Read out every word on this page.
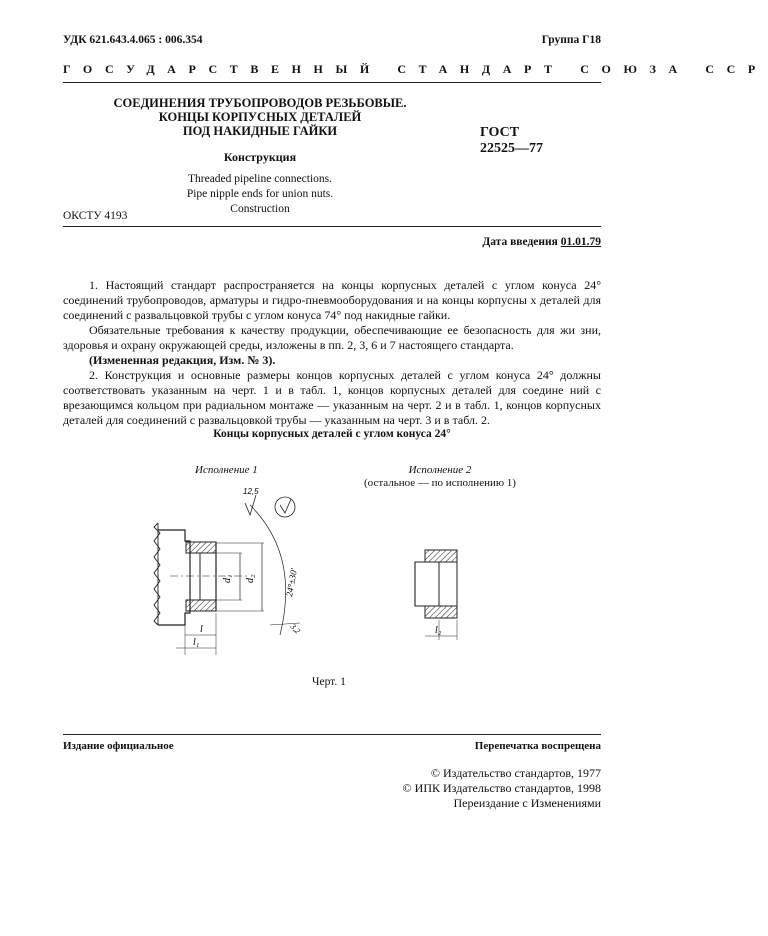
УДК 621.643.4.065 : 006.354	Группа Г18
ГОСУДАРСТВЕННЫЙ СТАНДАРТ СОЮЗА ССР
СОЕДИНЕНИЯ ТРУБОПРОВОДОВ РЕЗЬБОВЫЕ.
КОНЦЫ КОРПУСНЫХ ДЕТАЛЕЙ
ПОД НАКИДНЫЕ ГАЙКИ
Конструкция
Threaded pipeline connections.
Pipe nipple ends for union nuts.
Construction
ГОСТ
22525—77
ОКСТУ 4193
Дата введения 01.01.79

1. Настоящий стандарт распространяется на концы корпусных деталей с углом конуса 24° соединений трубопроводов, арматуры и гидро-пневмооборудования и на концы корпусны х деталей для соединений с развальцовкой трубы с углом конуса 74° под накидные гайки.

Обязательные требования к качеству продукции, обеспечивающие ее безопасность для жи зни, здоровья и охрану окружающей среды, изложены в пп. 2, 3, 6 и 7 настоящего стандарта.

(Измененная редакция, Изм. № 3).

2. Конструкция и основные размеры концов корпусных деталей с углом конуса 24° должны соответствовать указанным на черт. 1 и в табл. 1, концов корпусных деталей для соедине ний с врезающимся кольцом при радиальном монтаже — указанным на черт. 2 и в табл. 1, концов корпусных деталей для соединений с развальцовкой трубы — указанным на черт. 3 и в табл. 2.

Концы корпусных деталей с углом конуса 24°
Исполнение 1	Исполнение 2
(остальное — по исполнению 1)
12,5
d₁ d₂	24°±30'
3,2
l
l₁
l₂
Черт. 1
Издание официальное	Перепечатка воспрещена
© Издательство стандартов, 1977
© ИПК Издательство стандартов, 1998
Переиздание с Изменениями
